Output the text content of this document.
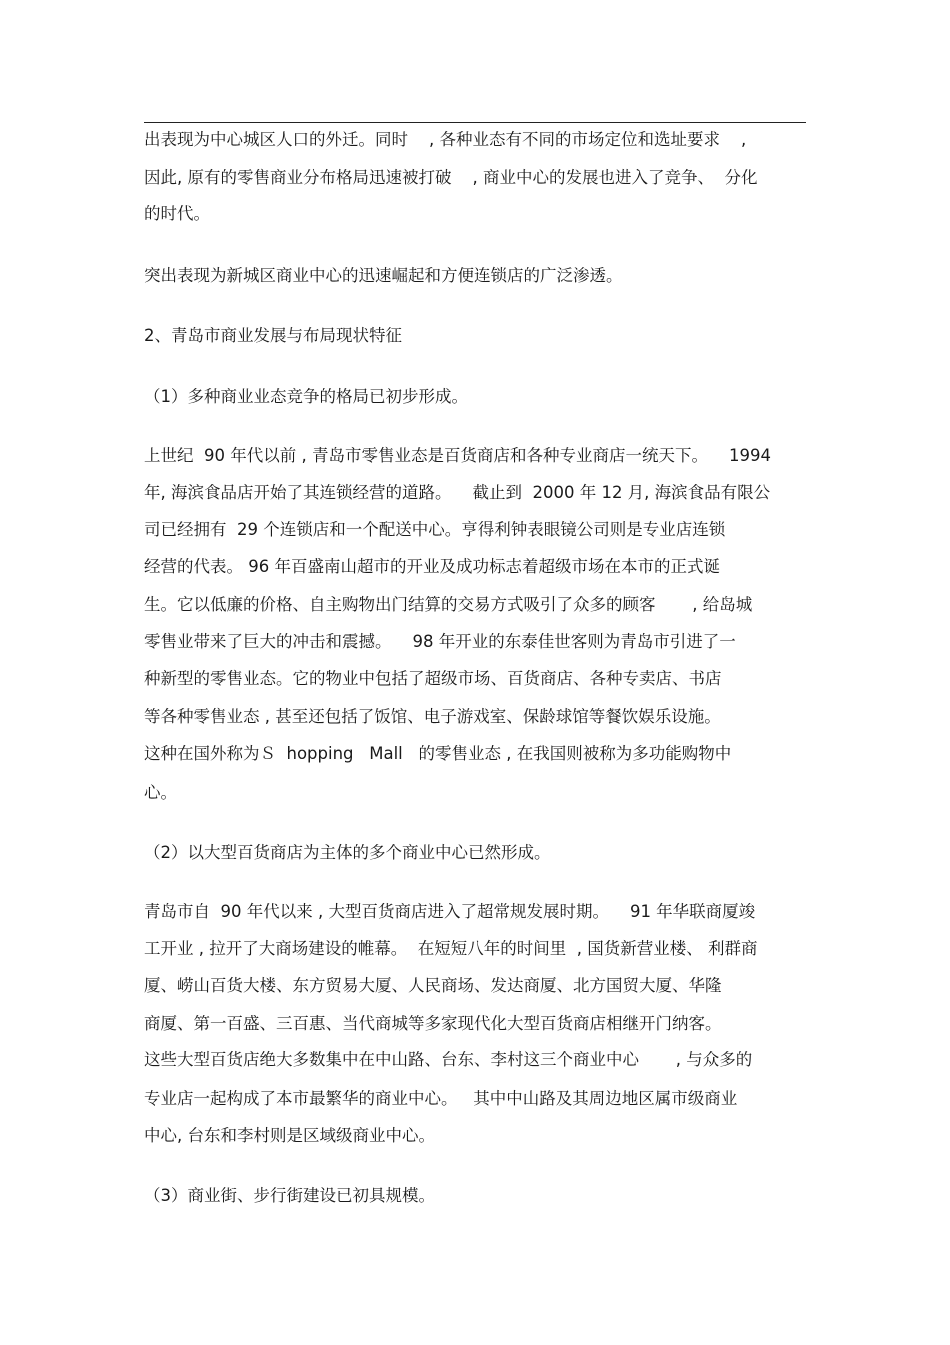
出表现为中心城区人口的外迁。同时    , 各种业态有不同的市场定位和选址要求    ,

因此, 原有的零售商业分布格局迅速被打破    , 商业中心的发展也进入了竞争、  分化

的时代。

突出表现为新城区商业中心的迅速崛起和方便连锁店的广泛渗透。

2、青岛市商业发展与布局现状特征

（1）多种商业业态竞争的格局已初步形成。

上世纪  90 年代以前 , 青岛市零售业态是百货商店和各种专业商店一统天下。    1994

年, 海滨食品店开始了其连锁经营的道路。    截止到  2000 年 12 月, 海滨食品有限公

司已经拥有  29 个连锁店和一个配送中心。亨得利钟表眼镜公司则是专业店连锁

经营的代表。 96 年百盛南山超市的开业及成功标志着超级市场在本市的正式诞

生。它以低廉的价格、自主购物出门结算的交易方式吸引了众多的顾客       , 给岛城

零售业带来了巨大的冲击和震撼。    98 年开业的东泰佳世客则为青岛市引进了一

种新型的零售业态。它的物业中包括了超级市场、百货商店、各种专卖店、书店

等各种零售业态 , 甚至还包括了饭馆、电子游戏室、保龄球馆等餐饮娱乐设施。

这种在国外称为Ｓ  hopping   Mall   的零售业态 , 在我国则被称为多功能购物中

心。

（2）以大型百货商店为主体的多个商业中心已然形成。

青岛市自  90 年代以来 , 大型百货商店进入了超常规发展时期。    91 年华联商厦竣

工开业 , 拉开了大商场建设的帷幕。  在短短八年的时间里  , 国货新营业楼、 利群商

厦、崂山百货大楼、东方贸易大厦、人民商场、发达商厦、北方国贸大厦、华隆

商厦、第一百盛、三百惠、当代商城等多家现代化大型百货商店相继开门纳客。

这些大型百货店绝大多数集中在中山路、台东、李村这三个商业中心       , 与众多的

专业店一起构成了本市最繁华的商业中心。   其中中山路及其周边地区属市级商业

中心, 台东和李村则是区域级商业中心。

（3）商业街、步行街建设已初具规模。
